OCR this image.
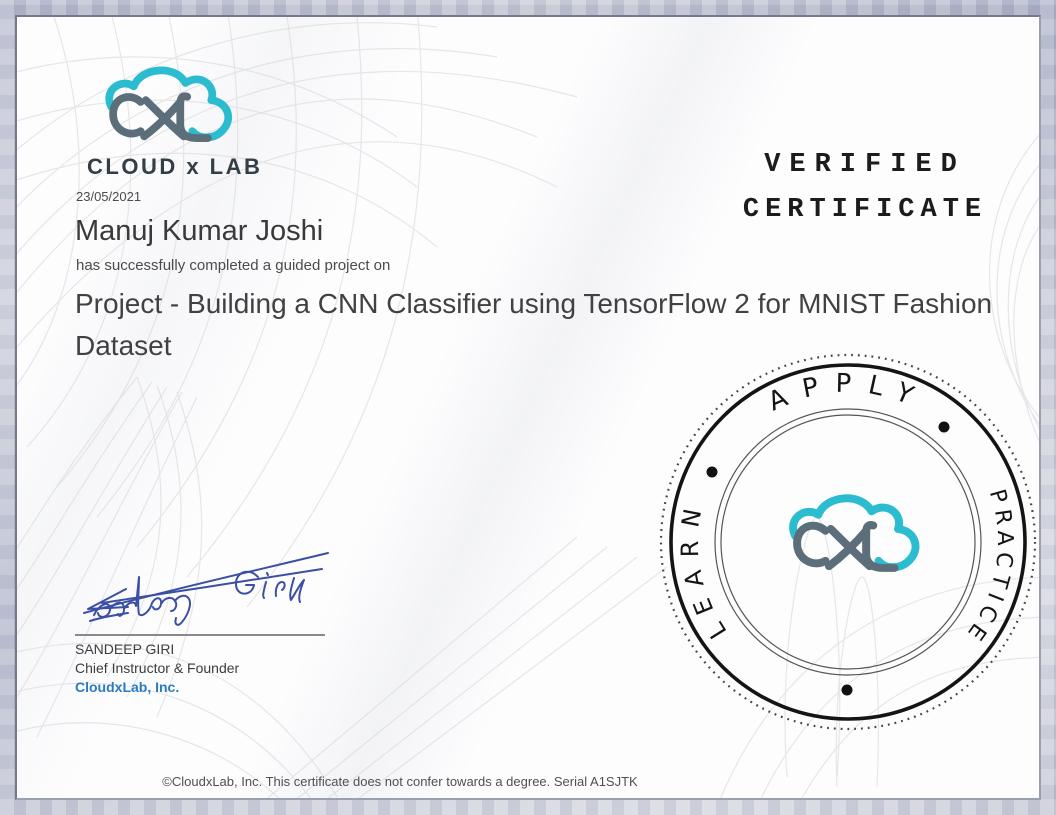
CLOUD x LAB
23/05/2021
Manuj Kumar Joshi
has successfully completed a guided project on
Project - Building a CNN Classifier using TensorFlow 2 for MNIST Fashion Dataset
VERIFIED
CERTIFICATE
APPLY
PRACTICE
LEARN
SANDEEP GIRI
Chief Instructor & Founder
CloudxLab, Inc.
©CloudxLab, Inc. This certificate does not confer towards a degree. Serial A1SJTK
